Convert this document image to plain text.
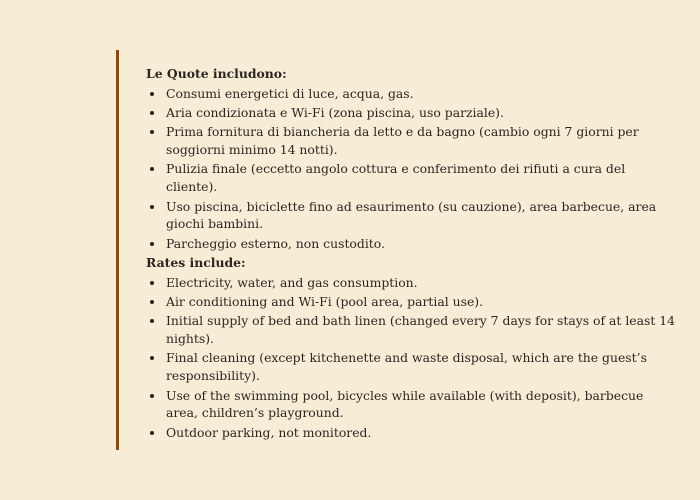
Le Quote includono:
Consumi energetici di luce, acqua, gas.
Aria condizionata e Wi-Fi (zona piscina, uso parziale).
Prima fornitura di biancheria da letto e da bagno (cambio ogni 7 giorni per soggiorni minimo 14 notti).
Pulizia finale (eccetto angolo cottura e conferimento dei rifiuti a cura del cliente).
Uso piscina, biciclette fino ad esaurimento (su cauzione), area barbecue, area giochi bambini.
Parcheggio esterno, non custodito.
Rates include:
Electricity, water, and gas consumption.
Air conditioning and Wi-Fi (pool area, partial use).
Initial supply of bed and bath linen (changed every 7 days for stays of at least 14 nights).
Final cleaning (except kitchenette and waste disposal, which are the guest’s responsibility).
Use of the swimming pool, bicycles while available (with deposit), barbecue area, children’s playground.
Outdoor parking, not monitored.
